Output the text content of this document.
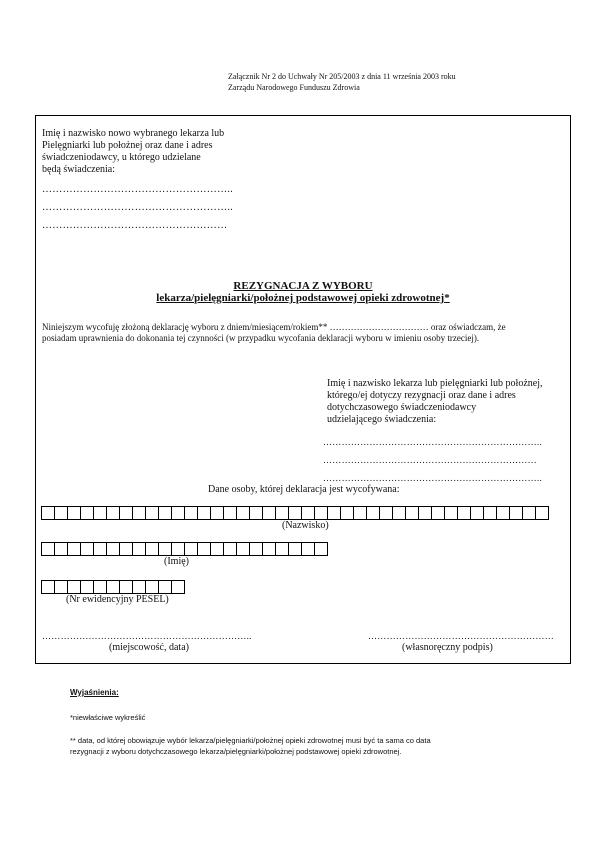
Załącznik Nr 2 do Uchwały Nr 205/2003 z dnia 11 września 2003 roku
Zarządu Narodowego Funduszu Zdrowia
Imię i nazwisko nowo wybranego lekarza lub
Pielęgniarki lub położnej oraz dane i adres
świadczeniodawcy, u którego udzielane
będą świadczenia:
………………………………………………..
………………………………………………..
………………………………………………
REZYGNACJA Z WYBORU
lekarza/pielęgniarki/położnej podstawowej opieki zdrowotnej*
Niniejszym wycofuję złożoną deklarację wyboru z dniem/miesiącem/rokiem** …………………………… oraz oświadczam, że
posiadam uprawnienia do dokonania tej czynności (w przypadku wycofania deklaracji wyboru w imieniu osoby trzeciej).
Imię i nazwisko lekarza lub pielęgniarki lub położnej,
którego/ej dotyczy rezygnacji oraz dane i adres
dotychczasowego świadczeniodawcy
udzielającego świadczenia:
……………………………………………………………..
……………………………………………………………
……………………………………………………………..
Dane osoby, której deklaracja jest wycofywana:
(Nazwisko)
(Imię)
(Nr ewidencyjny PESEL)
…………………………………………………………..
(miejscowość, data)
……………………………………………………
(własnoręczny podpis)
Wyjaśnienia:
*niewłaściwe wykreślić
** data, od której obowiązuje wybór lekarza/pielęgniarki/położnej opieki zdrowotnej musi być ta sama co data
rezygnacji z wyboru dotychczasowego lekarza/pielęgniarki/położnej podstawowej opieki zdrowotnej.
